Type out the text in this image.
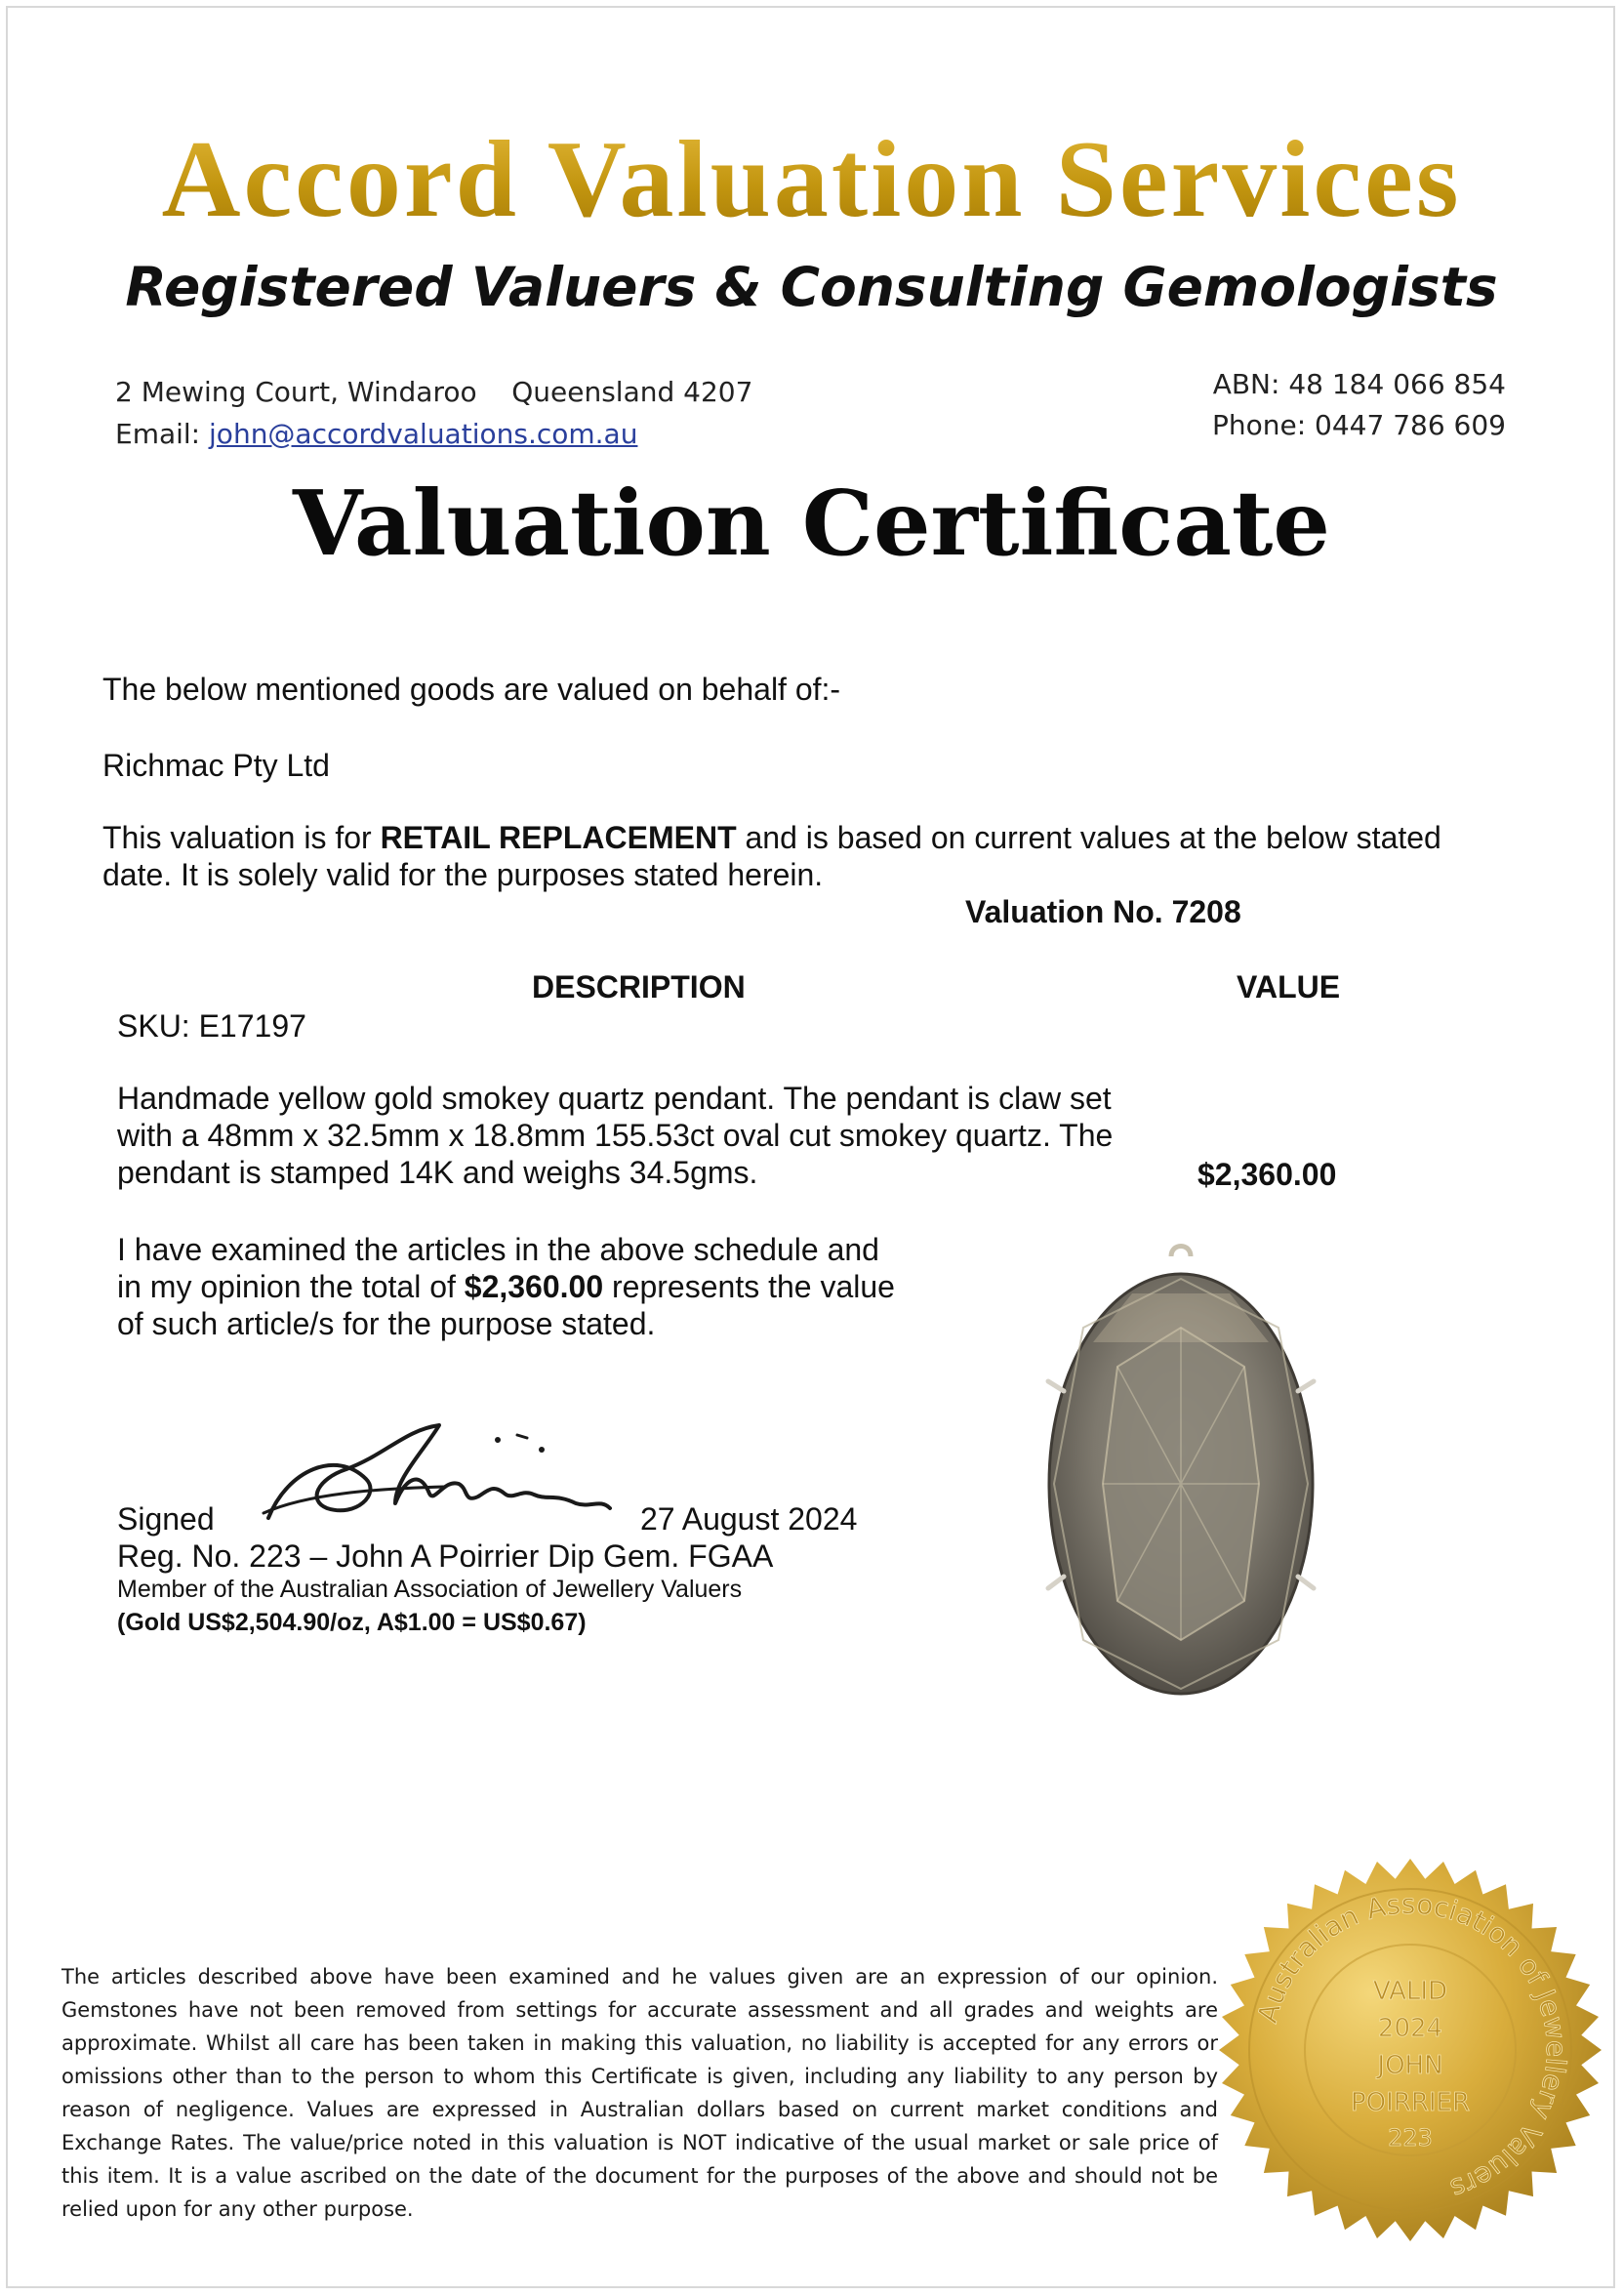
Accord Valuation Services
Registered Valuers & Consulting Gemologists
2 Mewing Court, Windaroo Queensland 4207
Email: john@accordvaluations.com.au
ABN: 48 184 066 854
Phone: 0447 786 609
Valuation Certificate
The below mentioned goods are valued on behalf of:-
Richmac Pty Ltd
This valuation is for RETAIL REPLACEMENT and is based on current values at the below stated
date. It is solely valid for the purposes stated herein.
Valuation No. 7208
DESCRIPTION	VALUE
SKU: E17197
Handmade yellow gold smokey quartz pendant. The pendant is claw set
with a 48mm x 32.5mm x 18.8mm 155.53ct oval cut smokey quartz. The
pendant is stamped 14K and weighs 34.5gms.	$2,360.00
I have examined the articles in the above schedule and
in my opinion the total of $2,360.00 represents the value
of such article/s for the purpose stated.
Signed	27 August 2024
Reg. No. 223 – John A Poirrier Dip Gem. FGAA
Member of the Australian Association of Jewellery Valuers
(Gold US$2,504.90/oz, A$1.00 = US$0.67)
The articles described above have been examined and he values given are an expression of our opinion. Gemstones have not been removed from settings for accurate assessment and all grades and weights are approximate. Whilst all care has been taken in making this valuation, no liability is accepted for any errors or omissions other than to the person to whom this Certificate is given, including any liability to any person by reason of negligence. Values are expressed in Australian dollars based on current market conditions and Exchange Rates. The value/price noted in this valuation is NOT indicative of the usual market or sale price of this item. It is a value ascribed on the date of the document for the purposes of the above and should not be relied upon for any other purpose.
Australian Association of Jewellery Valuers
VALID
2024
JOHN
POIRRIER
223
